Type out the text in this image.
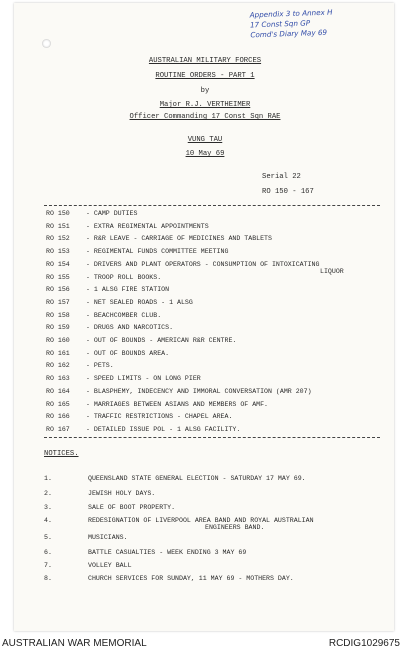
Appendix 3 to Annex H
17 Const Sqn GP
Comd's Diary May 69
AUSTRALIAN MILITARY FORCES
ROUTINE ORDERS - PART 1
by
Major R.J. VERTHEIMER
Officer Commanding 17 Const Sqn RAE
VUNG TAU
10 May 69
Serial 22
RO 150 - 167
RO 150 - CAMP DUTIES
RO 151 - EXTRA REGIMENTAL APPOINTMENTS
RO 152 - R&R LEAVE - CARRIAGE OF MEDICINES AND TABLETS
RO 153 - REGIMENTAL FUNDS COMMITTEE MEETING
RO 154 - DRIVERS AND PLANT OPERATORS - CONSUMPTION OF INTOXICATING
LIQUOR
RO 155 - TROOP ROLL BOOKS.
RO 156 - 1 ALSG FIRE STATION
RO 157 - NET SEALED ROADS - 1 ALSG
RO 158 - BEACHCOMBER CLUB.
RO 159 - DRUGS AND NARCOTICS.
RO 160 - OUT OF BOUNDS - AMERICAN R&R CENTRE.
RO 161 - OUT OF BOUNDS AREA.
RO 162 - PETS.
RO 163 - SPEED LIMITS - ON LONG PIER
RO 164 - BLASPHEMY, INDECENCY AND IMMORAL CONVERSATION (AMR 207)
RO 165 - MARRIAGES BETWEEN ASIANS AND MEMBERS OF AMF.
RO 166 - TRAFFIC RESTRICTIONS - CHAPEL AREA.
RO 167 - DETAILED ISSUE POL - 1 ALSG FACILITY.
NOTICES.
1.	QUEENSLAND STATE GENERAL ELECTION - SATURDAY 17 MAY 69.
2.	JEWISH HOLY DAYS.
3.	SALE OF BOOT PROPERTY.
4.	REDESIGNATION OF LIVERPOOL AREA BAND AND ROYAL AUSTRALIAN
ENGINEERS BAND.
5.	MUSICIANS.
6.	BATTLE CASUALTIES - WEEK ENDING 3 MAY 69
7.	VOLLEY BALL
8.	CHURCH SERVICES FOR SUNDAY, 11 MAY 69 - MOTHERS DAY.
AUSTRALIAN WAR MEMORIAL	RCDIG1029675
